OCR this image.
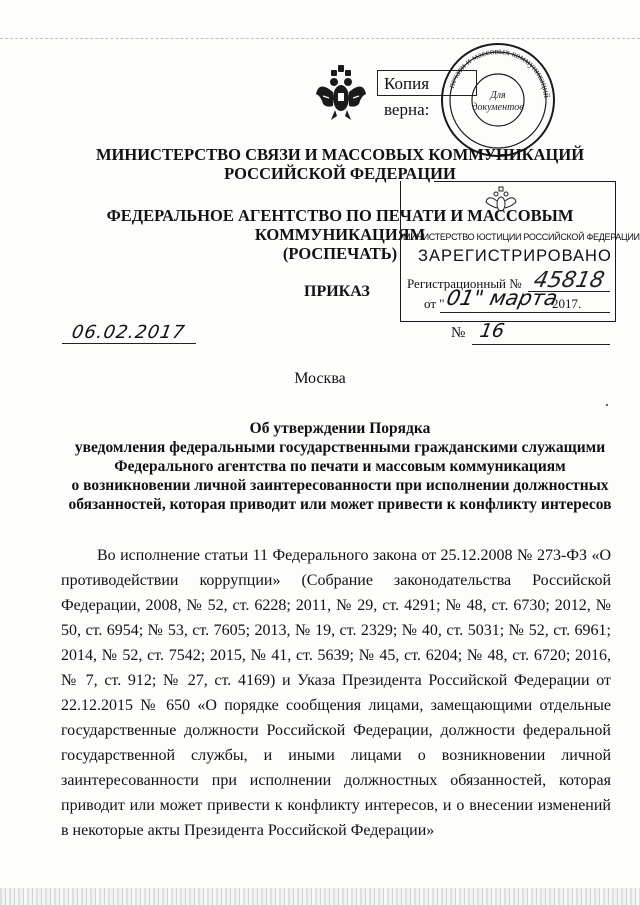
Копия верна:
печати и массовых коммуникаций
Для
документов
МИНИСТЕРСТВО СВЯЗИ И МАССОВЫХ КОММУНИКАЦИЙ
РОССИЙСКОЙ ФЕДЕРАЦИИ
ФЕДЕРАЛЬНОЕ АГЕНТСТВО ПО ПЕЧАТИ И МАССОВЫМ
КОММУНИКАЦИЯМ
(РОСПЕЧАТЬ)
ПРИКАЗ
МИНИСТЕРСТВО ЮСТИЦИИ РОССИЙСКОЙ ФЕДЕРАЦИИ
ЗАРЕГИСТРИРОВАНО
Регистрационный № 45818
от " 01" марта
2017.
06.02.2017	№ 16
Москва
Об утверждении Порядка
уведомления федеральными государственными гражданскими служащими
Федерального агентства по печати и массовым коммуникациям
о возникновении личной заинтересованности при исполнении должностных
обязанностей, которая приводит или может привести к конфликту интересов

Во исполнение статьи 11 Федерального закона от 25.12.2008 № 273-ФЗ «О противодействии коррупции» (Собрание законодательства Российской Федерации, 2008, № 52, ст. 6228; 2011, № 29, ст. 4291; № 48, ст. 6730; 2012, № 50, ст. 6954; № 53, ст. 7605; 2013, № 19, ст. 2329; № 40, ст. 5031; № 52, ст. 6961; 2014, № 52, ст. 7542; 2015, № 41, ст. 5639; № 45, ст. 6204; № 48, ст. 6720; 2016, № 7, ст. 912; № 27, ст. 4169) и Указа Президента Российской Федерации от 22.12.2015 № 650 «О порядке сообщения лицами, замещающими отдельные государственные должности Российской Федерации, должности федеральной государственной службы, и иными лицами о возникновении личной заинтересованности при исполнении должностных обязанностей, которая приводит или может привести к конфликту интересов, и о внесении изменений в некоторые акты Президента Российской Федерации»
